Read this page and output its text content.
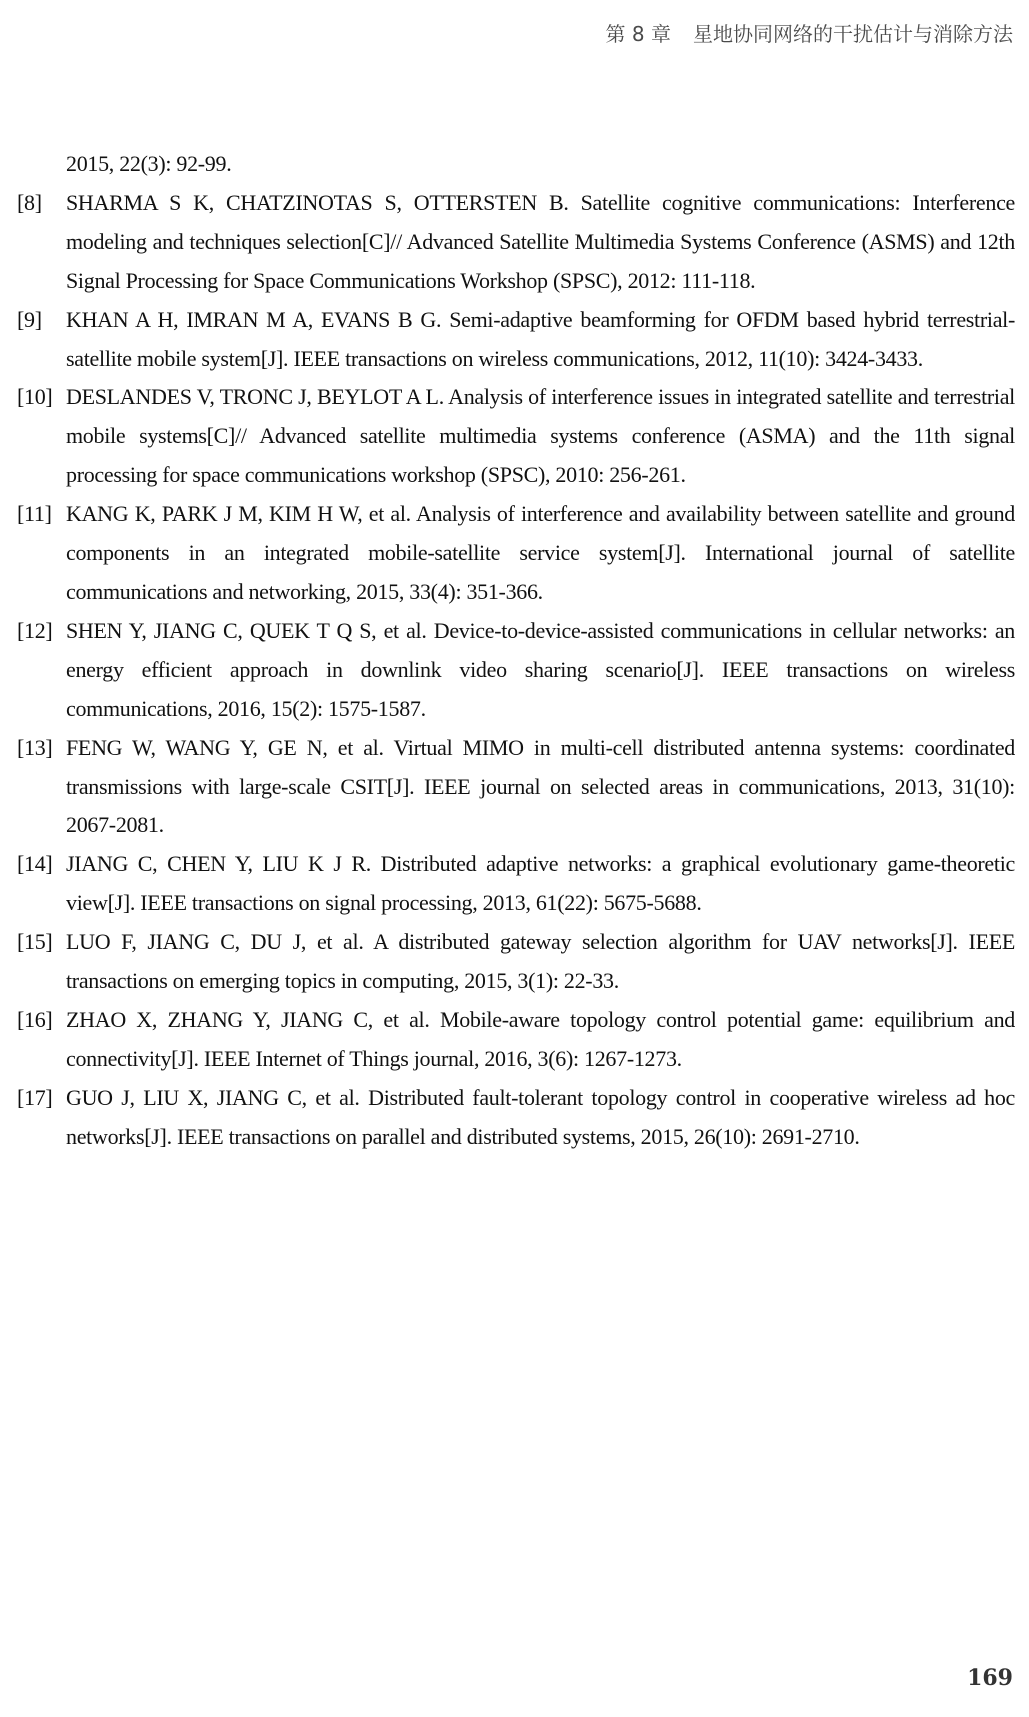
第 8 章 星地协同网络的干扰估计与消除方法
2015, 22(3): 92-99.
[8] SHARMA S K, CHATZINOTAS S, OTTERSTEN B. Satellite cognitive communications: Interference modeling and techniques selection[C]// Advanced Satellite Multimedia Systems Conference (ASMS) and 12th Signal Processing for Space Communications Workshop (SPSC), 2012: 111-118.
[9] KHAN A H, IMRAN M A, EVANS B G. Semi-adaptive beamforming for OFDM based hybrid terrestrial-satellite mobile system[J]. IEEE transactions on wireless communications, 2012, 11(10): 3424-3433.
[10] DESLANDES V, TRONC J, BEYLOT A L. Analysis of interference issues in integrated satellite and terrestrial mobile systems[C]// Advanced satellite multimedia systems conference (ASMA) and the 11th signal processing for space communications workshop (SPSC), 2010: 256-261.
[11] KANG K, PARK J M, KIM H W, et al. Analysis of interference and availability between satellite and ground components in an integrated mobile-satellite service system[J]. International journal of satellite communications and networking, 2015, 33(4): 351-366.
[12] SHEN Y, JIANG C, QUEK T Q S, et al. Device-to-device-assisted communications in cellular networks: an energy efficient approach in downlink video sharing scenario[J]. IEEE transactions on wireless communications, 2016, 15(2): 1575-1587.
[13] FENG W, WANG Y, GE N, et al. Virtual MIMO in multi-cell distributed antenna systems: coordinated transmissions with large-scale CSIT[J]. IEEE journal on selected areas in communications, 2013, 31(10): 2067-2081.
[14] JIANG C, CHEN Y, LIU K J R. Distributed adaptive networks: a graphical evolutionary game-theoretic view[J]. IEEE transactions on signal processing, 2013, 61(22): 5675-5688.
[15] LUO F, JIANG C, DU J, et al. A distributed gateway selection algorithm for UAV networks[J]. IEEE transactions on emerging topics in computing, 2015, 3(1): 22-33.
[16] ZHAO X, ZHANG Y, JIANG C, et al. Mobile-aware topology control potential game: equilibrium and connectivity[J]. IEEE Internet of Things journal, 2016, 3(6): 1267-1273.
[17] GUO J, LIU X, JIANG C, et al. Distributed fault-tolerant topology control in cooperative wireless ad hoc networks[J]. IEEE transactions on parallel and distributed systems, 2015, 26(10): 2691-2710.
169
